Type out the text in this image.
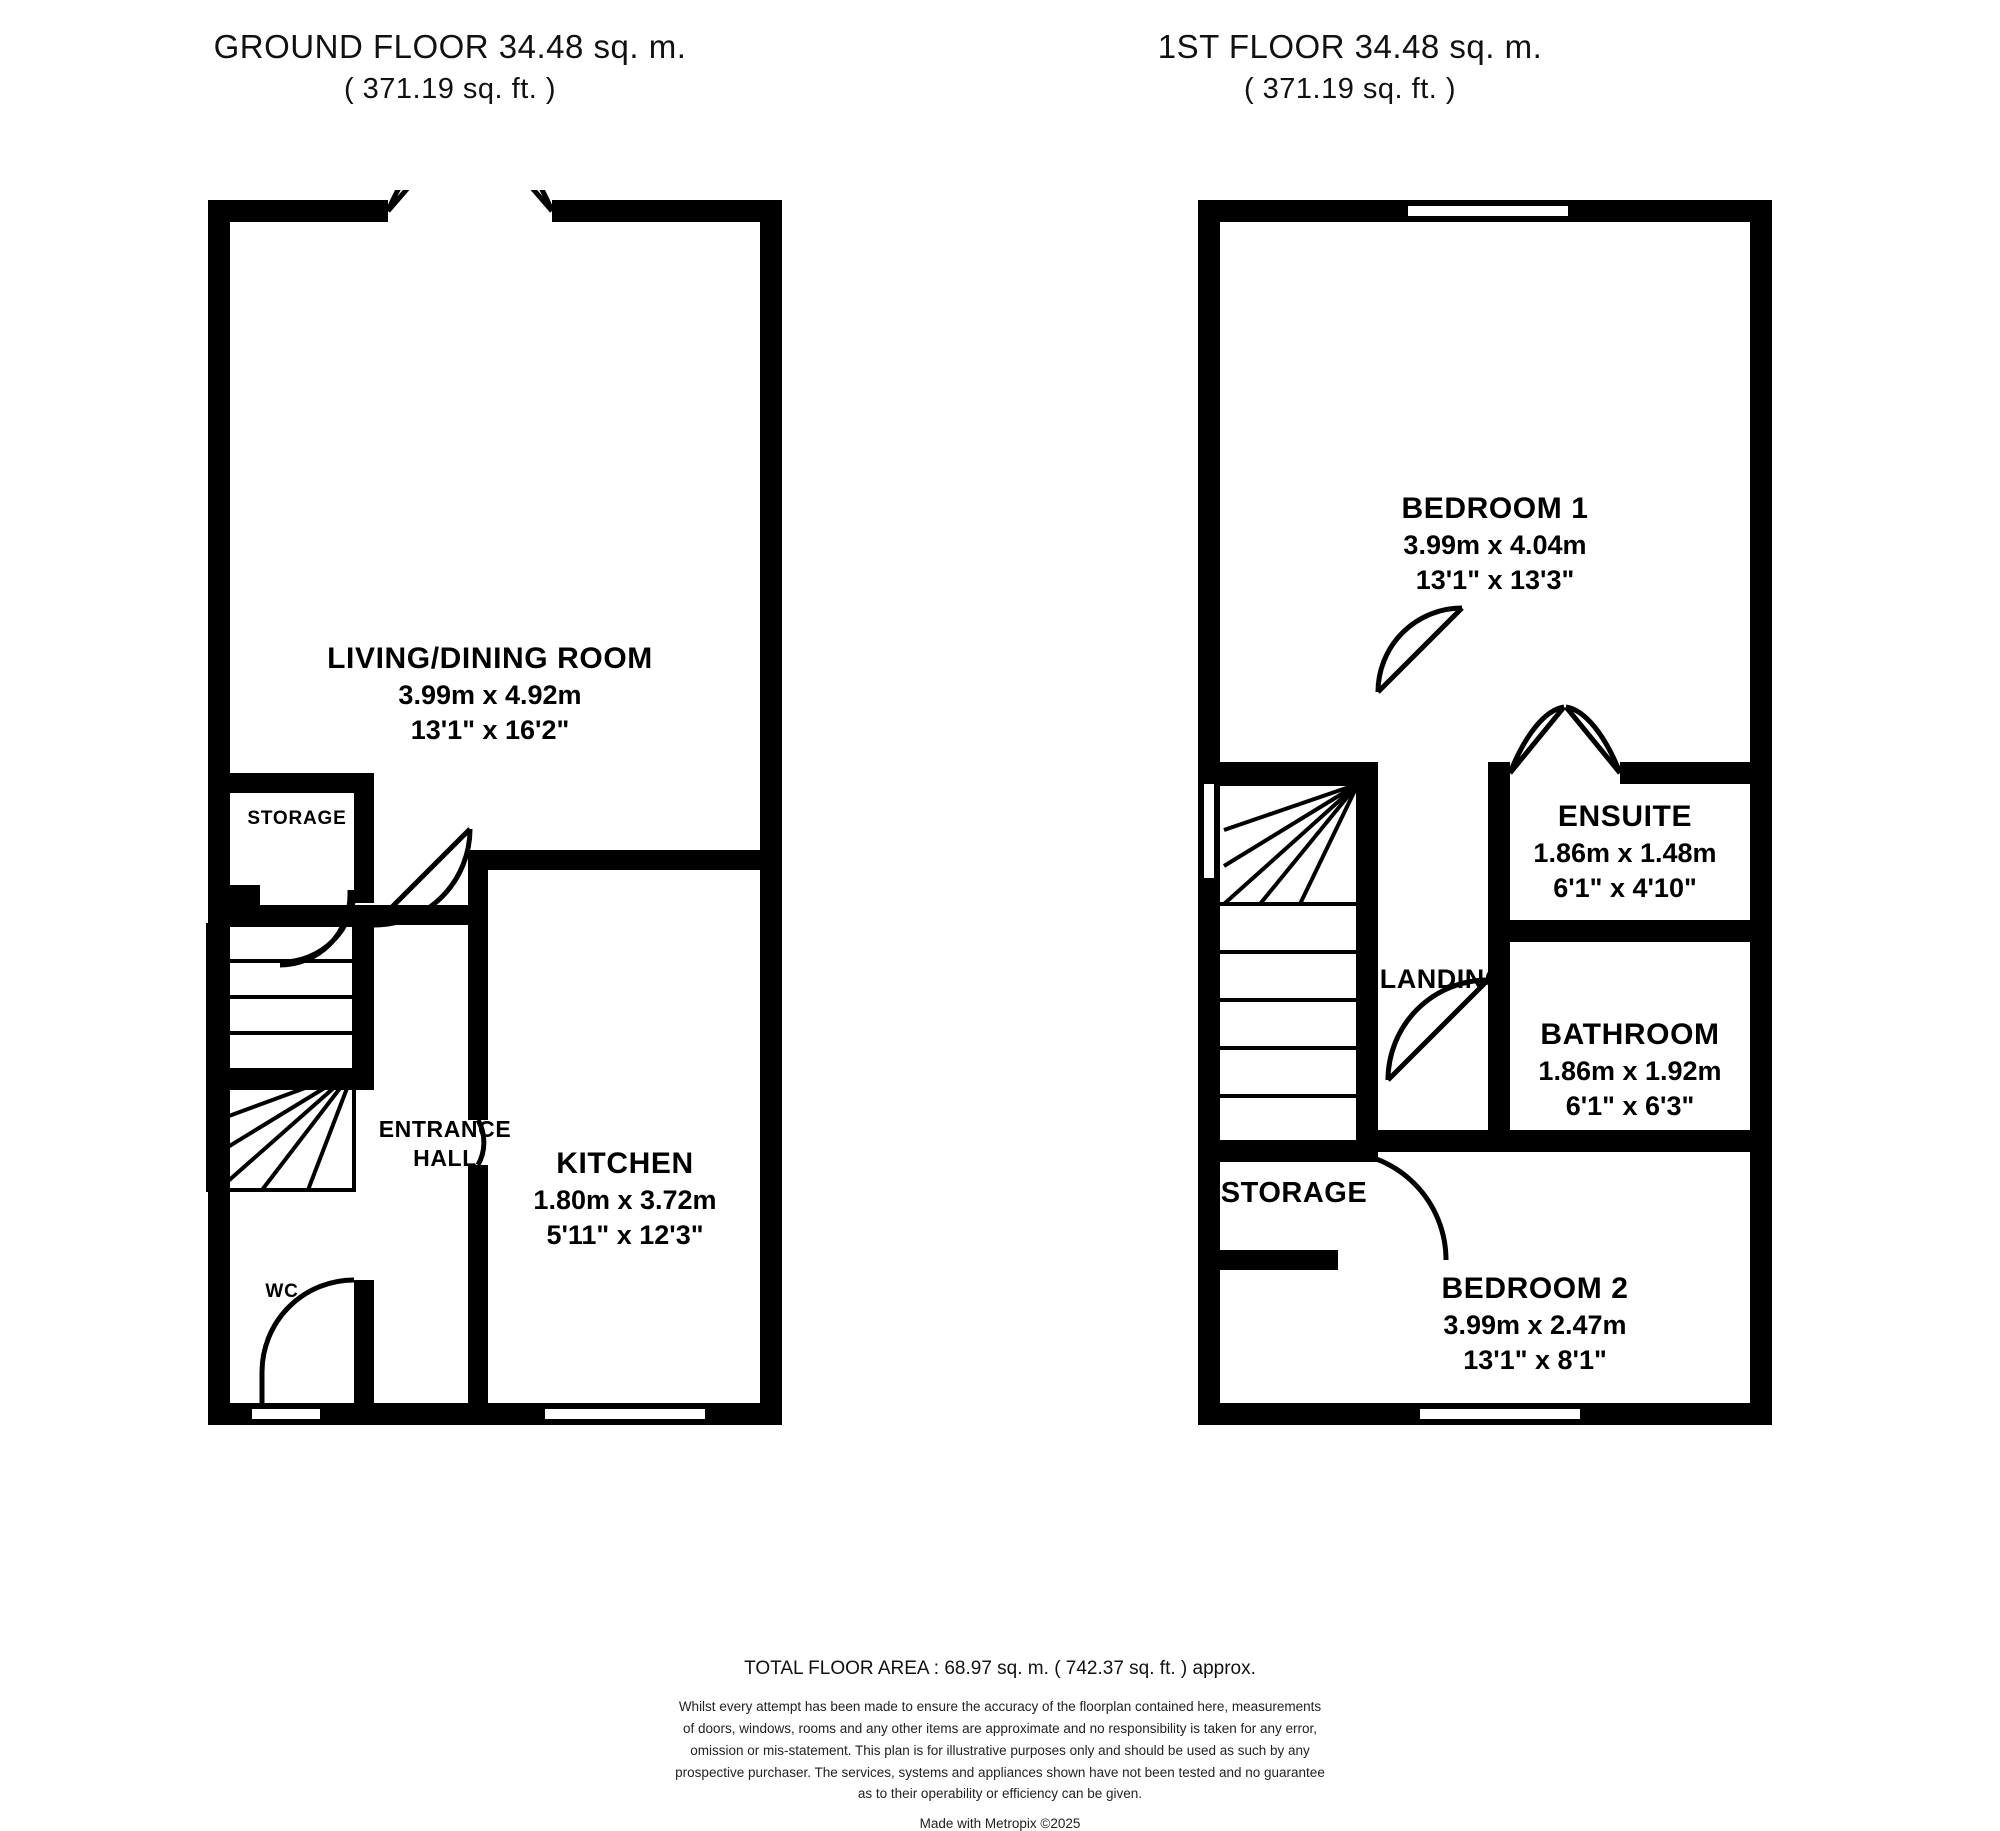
GROUND FLOOR 34.48 sq. m.
( 371.19 sq. ft. )
LIVING/DINING ROOM
3.99m x 4.92m
13'1" x 16'2"
STORAGE
ENTRANCE HALL
WC
KITCHEN
1.80m x 3.72m
5'11" x 12'3"
1ST FLOOR 34.48 sq. m.
( 371.19 sq. ft. )
BEDROOM 1
3.99m x 4.04m
13'1" x 13'3"
ENSUITE
1.86m x 1.48m
6'1" x 4'10"
BATHROOM
1.86m x 1.92m
6'1" x 6'3"
LANDING
STORAGE
BEDROOM 2
3.99m x 2.47m
13'1" x 8'1"
TOTAL FLOOR AREA : 68.97 sq. m. ( 742.37 sq. ft. ) approx.
Whilst every attempt has been made to ensure the accuracy of the floorplan contained here, measurements
of doors, windows, rooms and any other items are approximate and no responsibility is taken for any error,
omission or mis-statement. This plan is for illustrative purposes only and should be used as such by any
prospective purchaser. The services, systems and appliances shown have not been tested and no guarantee
as to their operability or efficiency can be given.
Made with Metropix ©2025
